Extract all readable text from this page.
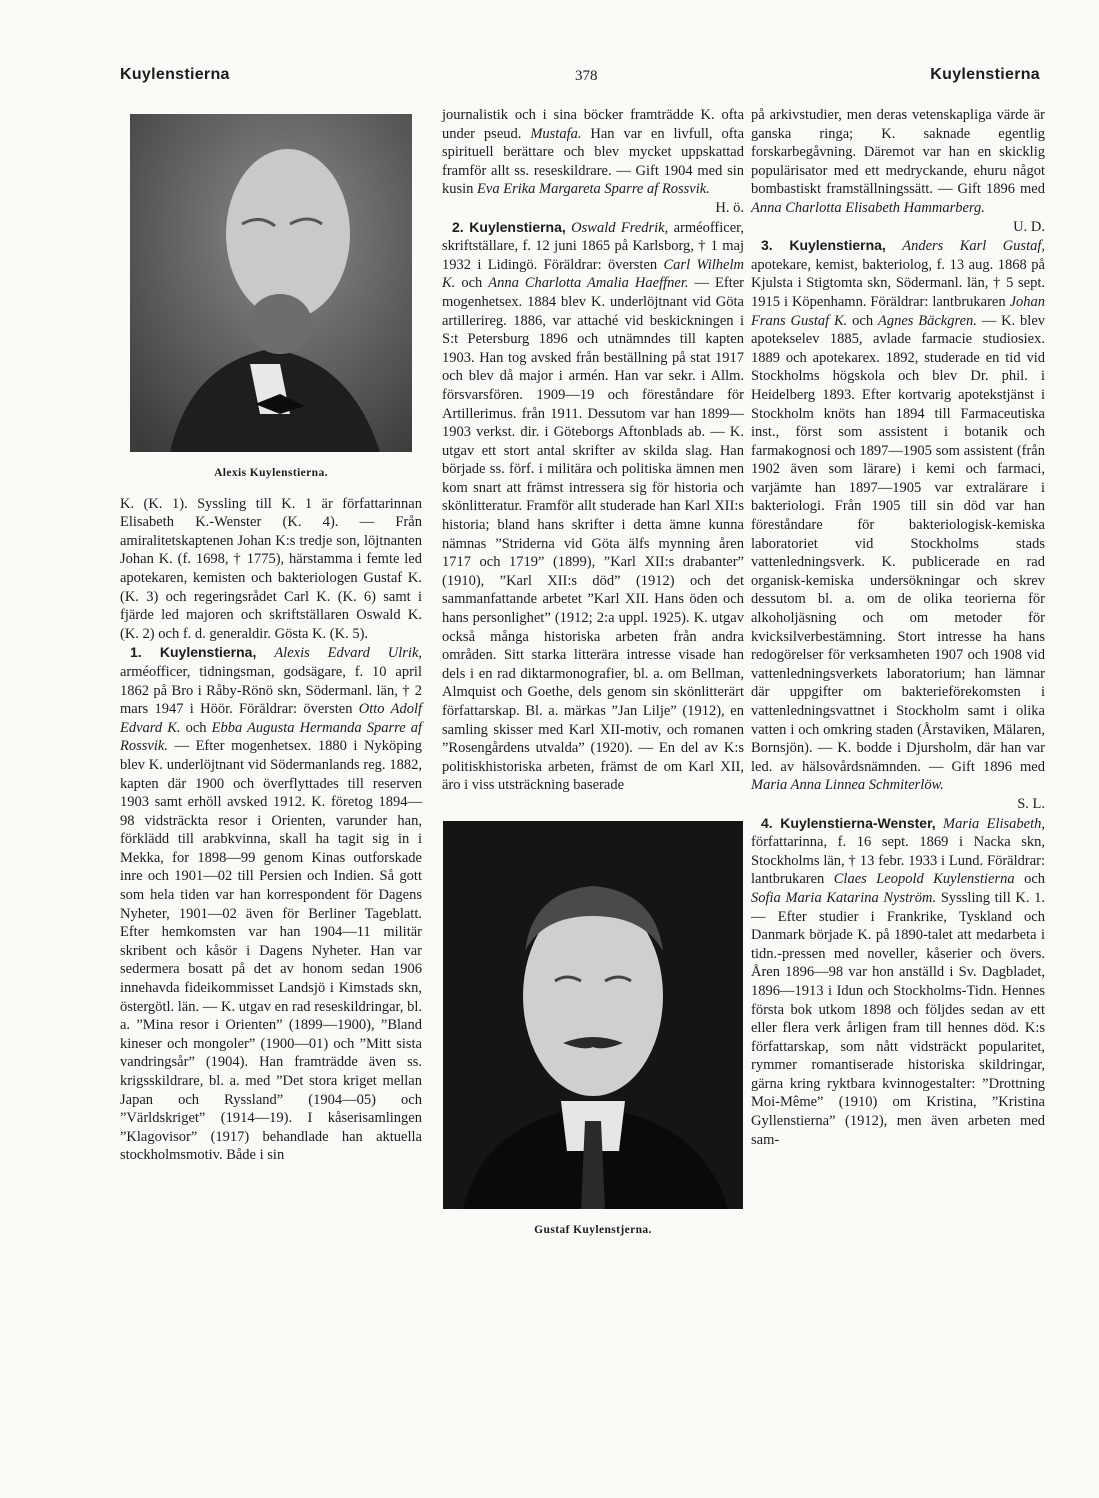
Kuylenstierna	378	Kuylenstierna
Alexis Kuylenstierna.

K. (K. 1). Syssling till K. 1 är författarinnan Elisabeth K.-Wenster (K. 4). — Från amiralitetskaptenen Johan K:s tredje son, löjtnanten Johan K. (f. 1698, † 1775), härstamma i femte led apotekaren, kemisten och bakteriologen Gustaf K. (K. 3) och regeringsrådet Carl K. (K. 6) samt i fjärde led majoren och skriftställaren Oswald K. (K. 2) och f. d. generaldir. Gösta K. (K. 5).

1. Kuylenstierna, Alexis Edvard Ulrik, arméofficer, tidningsman, godsägare, f. 10 april 1862 på Bro i Råby-Rönö skn, Södermanl. län, † 2 mars 1947 i Höör. Föräldrar: översten Otto Adolf Edvard K. och Ebba Augusta Hermanda Sparre af Rossvik. — Efter mogenhetsex. 1880 i Nyköping blev K. underlöjtnant vid Södermanlands reg. 1882, kapten där 1900 och överflyttades till reserven 1903 samt erhöll avsked 1912. K. företog 1894—98 vidsträckta resor i Orienten, varunder han, förklädd till arabkvinna, skall ha tagit sig in i Mekka, for 1898—99 genom Kinas outforskade inre och 1901—02 till Persien och Indien. Så gott som hela tiden var han korrespondent för Dagens Nyheter, 1901—02 även för Berliner Tageblatt. Efter hemkomsten var han 1904—11 militär skribent och kåsör i Dagens Nyheter. Han var sedermera bosatt på det av honom sedan 1906 innehavda fideikommisset Landsjö i Kimstads skn, östergötl. län. — K. utgav en rad reseskildringar, bl. a. ”Mina resor i Orienten” (1899—1900), ”Bland kineser och mongoler” (1900—01) och ”Mitt sista vandringsår” (1904). Han framträdde även ss. krigsskildrare, bl. a. med ”Det stora kriget mellan Japan och Ryssland” (1904—05) och ”Världskriget” (1914—19). I kåserisamlingen ”Klagovisor” (1917) behandlade han aktuella stockholmsmotiv. Både i sin

journalistik och i sina böcker framträdde K. ofta under pseud. Mustafa. Han var en livfull, ofta spirituell berättare och blev mycket uppskattad framför allt ss. reseskildrare. — Gift 1904 med sin kusin Eva Erika Margareta Sparre af Rossvik.

H. ö.

2. Kuylenstierna, Oswald Fredrik, arméofficer, skriftställare, f. 12 juni 1865 på Karlsborg, † 1 maj 1932 i Lidingö. Föräldrar: översten Carl Wilhelm K. och Anna Charlotta Amalia Haeffner. — Efter mogenhetsex. 1884 blev K. underlöjtnant vid Göta artillerireg. 1886, var attaché vid beskickningen i S:t Petersburg 1896 och utnämndes till kapten 1903. Han tog avsked från beställning på stat 1917 och blev då major i armén. Han var sekr. i Allm. försvarsfören. 1909—19 och föreståndare för Artillerimus. från 1911. Dessutom var han 1899—1903 verkst. dir. i Göteborgs Aftonblads ab. — K. utgav ett stort antal skrifter av skilda slag. Han började ss. förf. i militära och politiska ämnen men kom snart att främst intressera sig för historia och skönlitteratur. Framför allt studerade han Karl XII:s historia; bland hans skrifter i detta ämne kunna nämnas ”Striderna vid Göta älfs mynning åren 1717 och 1719” (1899), ”Karl XII:s drabanter” (1910), ”Karl XII:s död” (1912) och det sammanfattande arbetet ”Karl XII. Hans öden och hans personlighet” (1912; 2:a uppl. 1925). K. utgav också många historiska arbeten från andra områden. Sitt starka litterära intresse visade han dels i en rad diktarmonografier, bl. a. om Bellman, Almquist och Goethe, dels genom sin skönlitterärt författarskap. Bl. a. märkas ”Jan Lilje” (1912), en samling skisser med Karl XII-motiv, och romanen ”Rosengårdens utvalda” (1920). — En del av K:s politiskhistoriska arbeten, främst de om Karl XII, äro i viss utsträckning baserade

Gustaf Kuylenstjerna.

på arkivstudier, men deras vetenskapliga värde är ganska ringa; K. saknade egentlig forskarbegåvning. Däremot var han en skicklig populärisator med ett medryckande, ehuru något bombastiskt framställningssätt. — Gift 1896 med Anna Charlotta Elisabeth Hammarberg.

U. D.

3. Kuylenstierna, Anders Karl Gustaf, apotekare, kemist, bakteriolog, f. 13 aug. 1868 på Kjulsta i Stigtomta skn, Södermanl. län, † 5 sept. 1915 i Köpenhamn. Föräldrar: lantbrukaren Johan Frans Gustaf K. och Agnes Bäckgren. — K. blev apotekselev 1885, avlade farmacie studiosiex. 1889 och apotekarex. 1892, studerade en tid vid Stockholms högskola och blev Dr. phil. i Heidelberg 1893. Efter kortvarig apotekstjänst i Stockholm knöts han 1894 till Farmaceutiska inst., först som assistent i botanik och farmakognosi och 1897—1905 som assistent (från 1902 även som lärare) i kemi och farmaci, varjämte han 1897—1905 var extralärare i bakteriologi. Från 1905 till sin död var han föreståndare för bakteriologisk-kemiska laboratoriet vid Stockholms stads vattenledningsverk. K. publicerade en rad organisk-kemiska undersökningar och skrev dessutom bl. a. om de olika teorierna för alkoholjäsning och om metoder för kvicksilverbestämning. Stort intresse ha hans redogörelser för verksamheten 1907 och 1908 vid vattenledningsverkets laboratorium; han lämnar där uppgifter om bakterieförekomsten i vattenledningsvattnet i Stockholm samt i olika vatten i och omkring staden (Årstaviken, Mälaren, Bornsjön). — K. bodde i Djursholm, där han var led. av hälsovårdsnämnden. — Gift 1896 med Maria Anna Linnea Schmiterlöw.

S. L.

4. Kuylenstierna-Wenster, Maria Elisabeth, författarinna, f. 16 sept. 1869 i Nacka skn, Stockholms län, † 13 febr. 1933 i Lund. Föräldrar: lantbrukaren Claes Leopold Kuylenstierna och Sofia Maria Katarina Nyström. Syssling till K. 1. — Efter studier i Frankrike, Tyskland och Danmark började K. på 1890-talet att medarbeta i tidn.-pressen med noveller, kåserier och övers. Åren 1896—98 var hon anställd i Sv. Dagbladet, 1896—1913 i Idun och Stockholms-Tidn. Hennes första bok utkom 1898 och följdes sedan av ett eller flera verk årligen fram till hennes död. K:s författarskap, som nått vidsträckt popularitet, rymmer romantiserade historiska skildringar, gärna kring ryktbara kvinnogestalter: ”Drottning Moi-Même” (1910) om Kristina, ”Kristina Gyllenstierna” (1912), men även arbeten med sam-
